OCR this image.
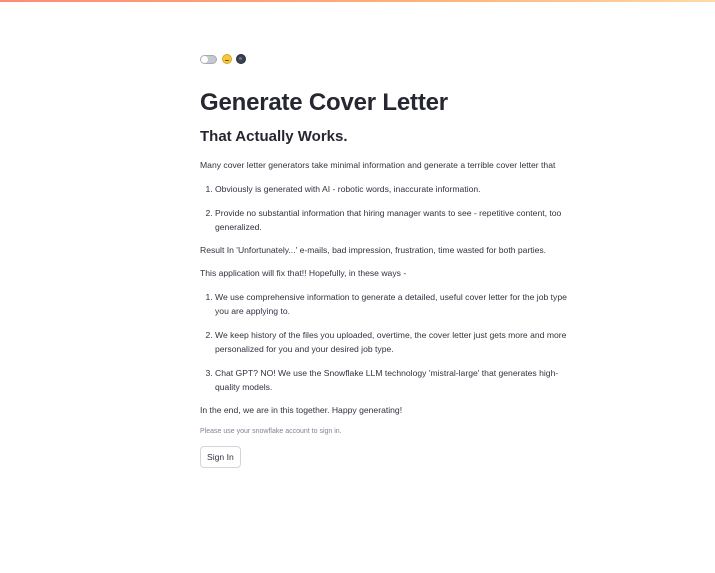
Generate Cover Letter
That Actually Works.

Many cover letter generators take minimal information and generate a terrible cover letter that

1. Obviously is generated with AI - robotic words, inaccurate information.
2. Provide no substantial information that hiring manager wants to see - repetitive content, too generalized.

Result In 'Unfortunately...' e-mails, bad impression, frustration, time wasted for both parties.

This application will fix that!! Hopefully, in these ways -

1. We use comprehensive information to generate a detailed, useful cover letter for the job type you are applying to.
2. We keep history of the files you uploaded, overtime, the cover letter just gets more and more personalized for you and your desired job type.
3. Chat GPT? NO! We use the Snowflake LLM technology 'mistral-large' that generates high-quality models.

In the end, we are in this together. Happy generating!

Please use your snowflake account to sign in.
Sign In
